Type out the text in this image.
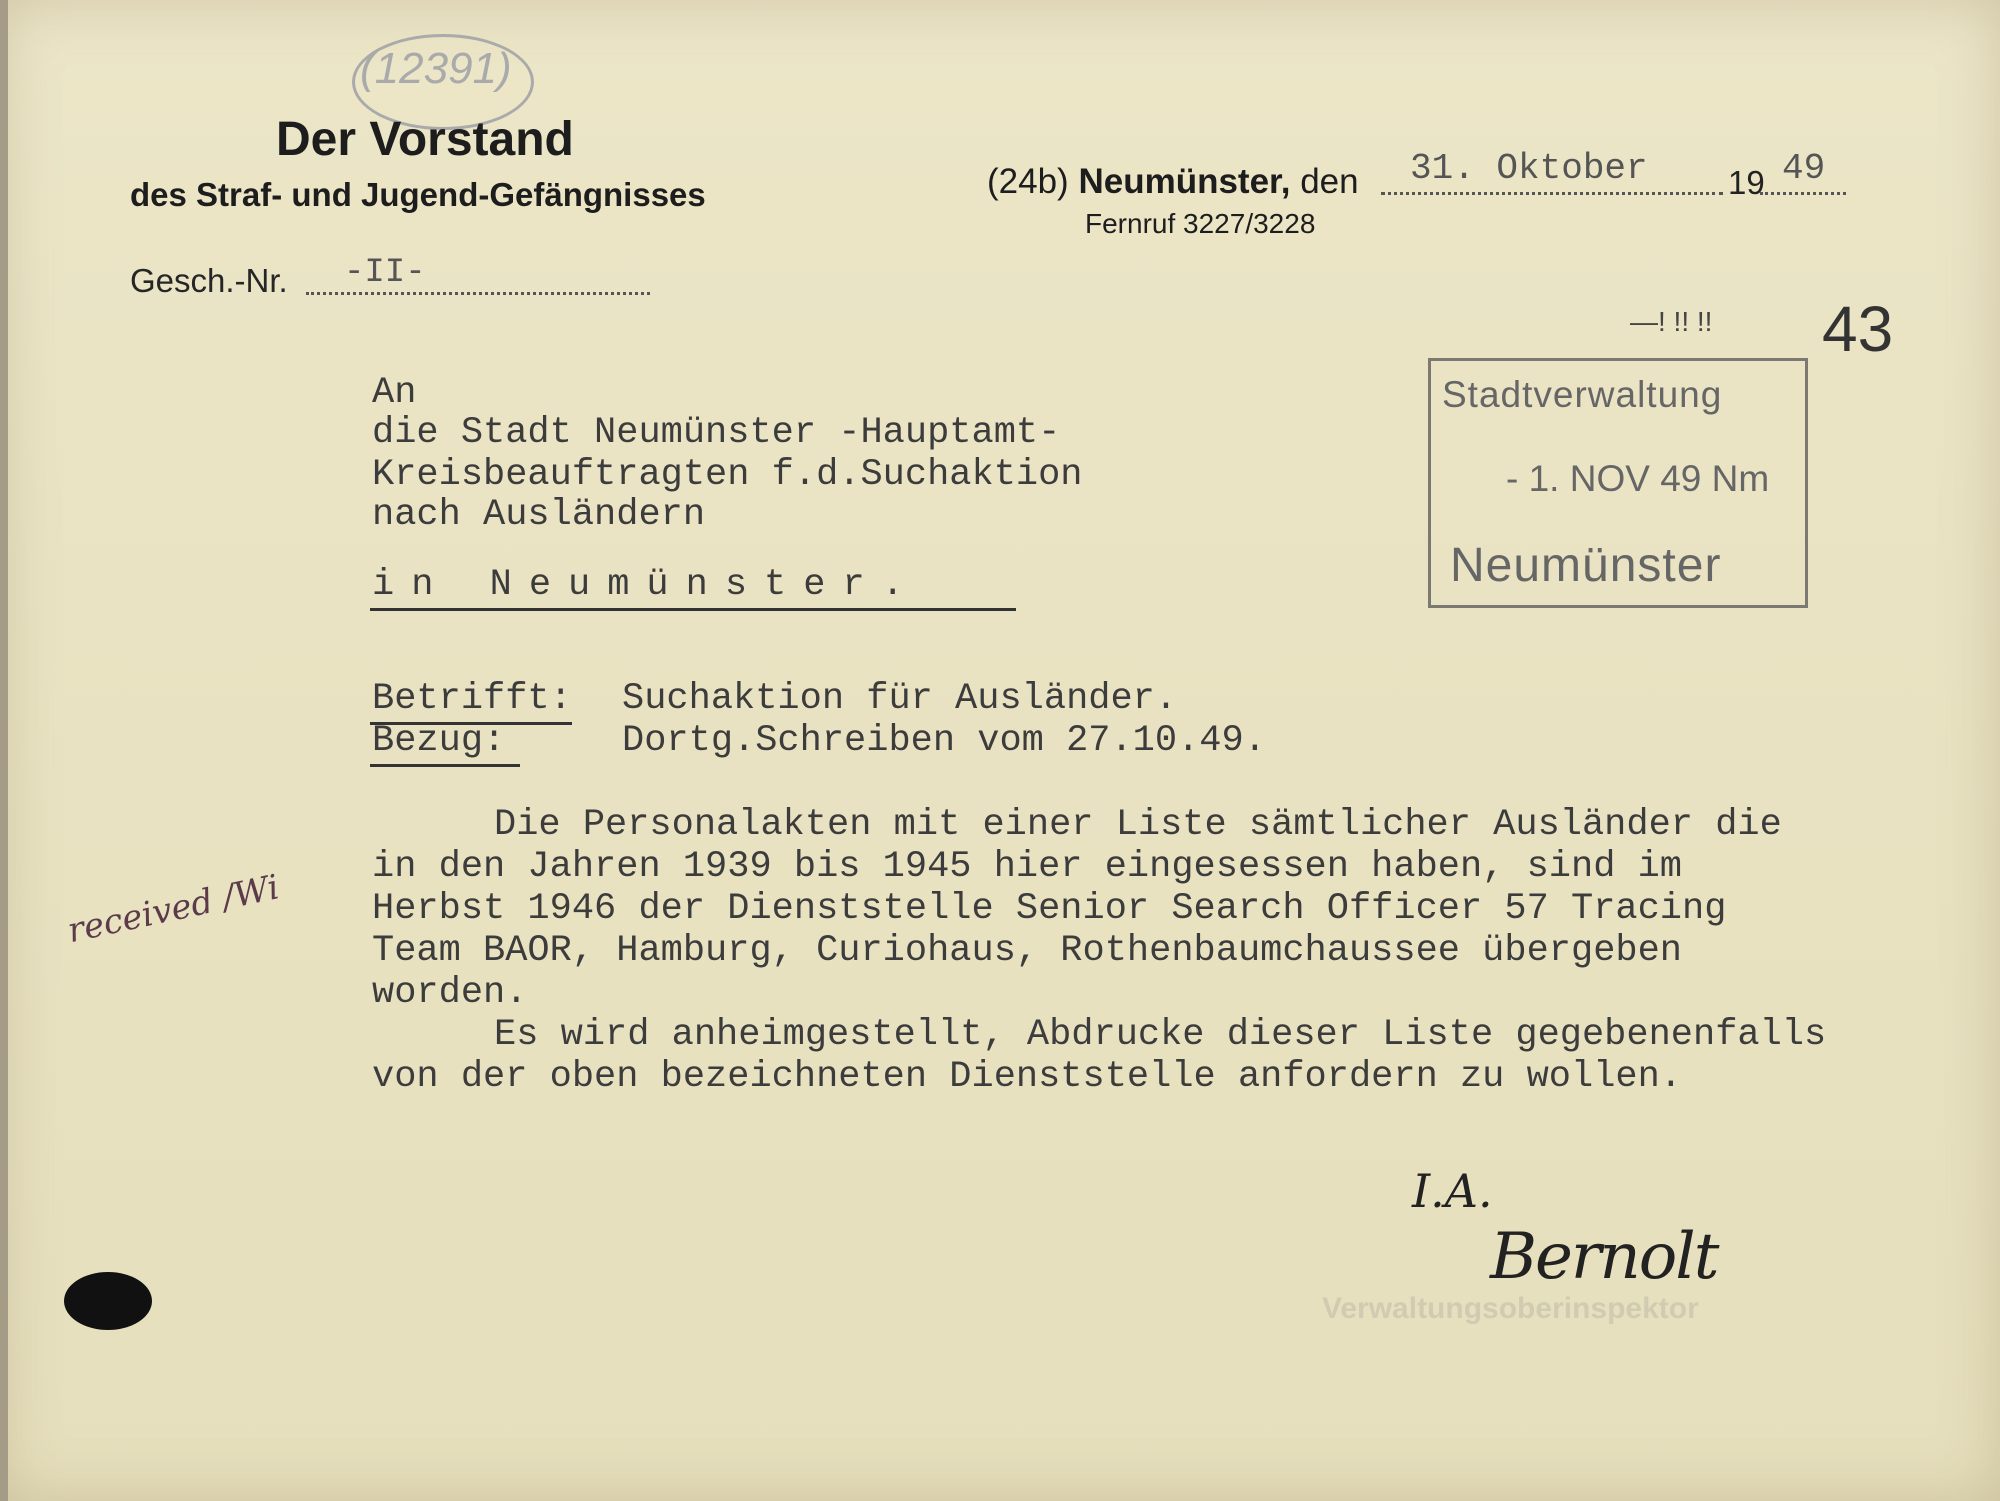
(12391)
Der Vorstand
des Straf- und Jugend-Gefängnisses
Gesch.-Nr. -II-
(24b) Neumünster, den 31. Oktober 19 49
Fernruf 3227/3228
—! !! !! 43
Stadtverwaltung
- 1. NOV 49 Nm
Neumünster
An
die Stadt Neumünster -Hauptamt-
Kreisbeauftragten f.d.Suchaktion
nach Ausländern
in Neumünster.
Betrifft: Suchaktion für Ausländer.
Bezug:	Dortg.Schreiben vom 27.10.49.
Die Personalakten mit einer Liste sämtlicher Ausländer die
in den Jahren 1939 bis 1945 hier eingesessen haben, sind im
Herbst 1946 der Dienststelle Senior Search Officer 57 Tracing
Team BAOR, Hamburg, Curiohaus, Rothenbaumchaussee übergeben
worden.
Es wird anheimgestellt, Abdrucke dieser Liste gegebenenfalls
von der oben bezeichneten Dienststelle anfordern zu wollen.
received /Wi
I.A.
Bernolt
Verwaltungsoberinspektor
